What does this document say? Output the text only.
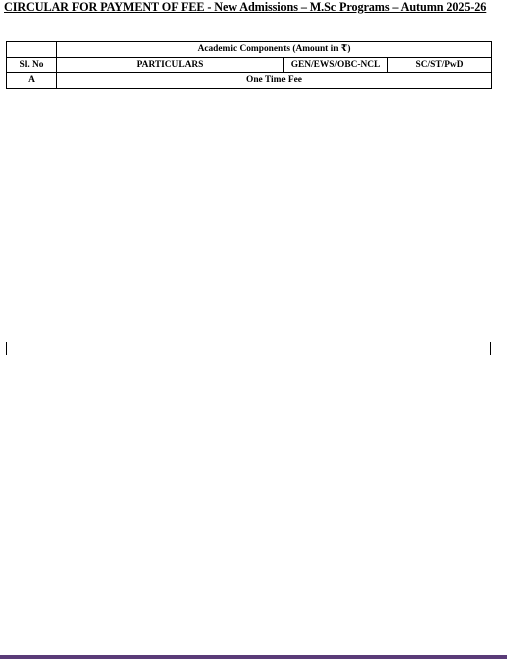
CIRCULAR FOR PAYMENT OF FEE - New Admissions – M.Sc Programs – Autumn 2025-26
	Academic Components (Amount in ₹)		
Sl. No	PARTICULARS	GEN/EWS/OBC-NCL	SC/ST/PwD
A	One Time Fee		
